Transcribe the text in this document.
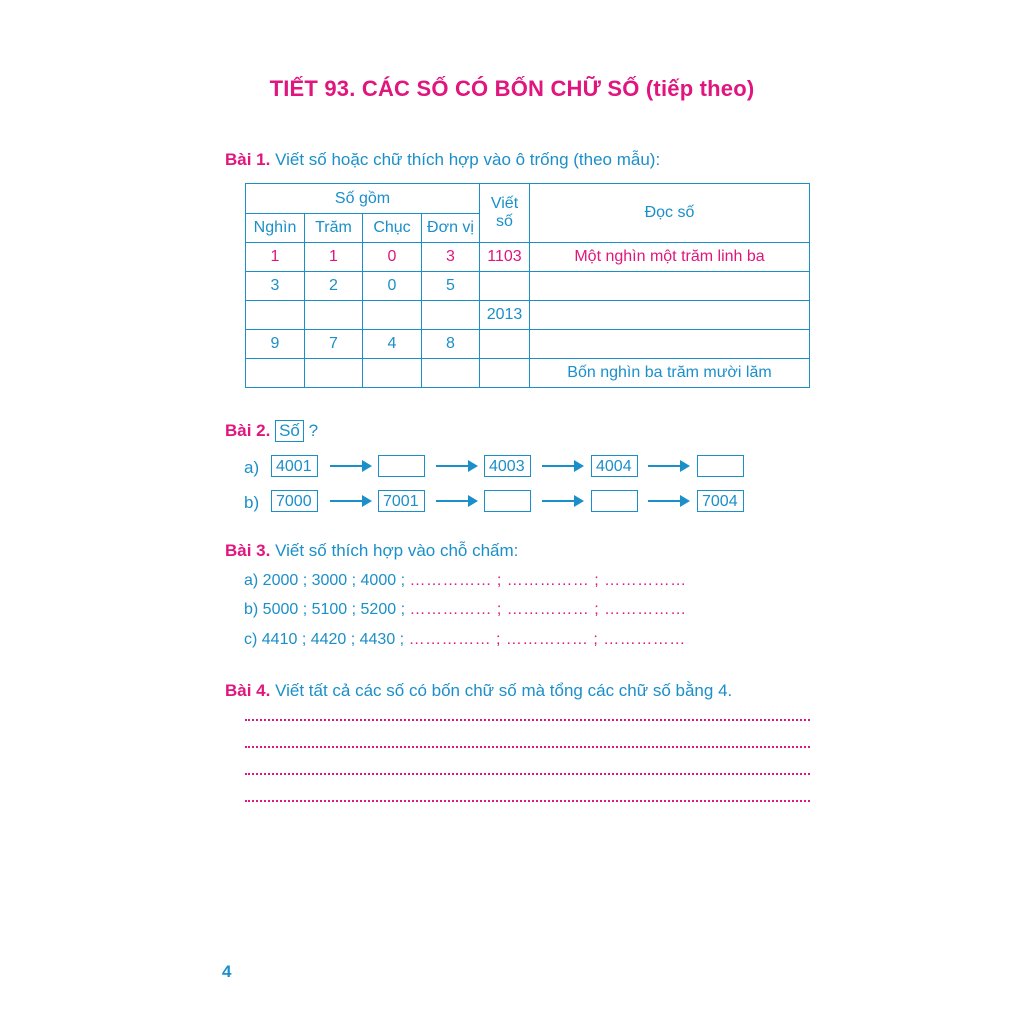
TIẾT 93. CÁC SỐ CÓ BỐN CHỮ SỐ (tiếp theo)
Bài 1. Viết số hoặc chữ thích hợp vào ô trống (theo mẫu):
Số gồm				Viết
số	Đọc số
Nghìn	Trăm	Chục	Đơn vị		
1	1	0	3	1103	Một nghìn một trăm linh ba
3	2	0	5		
				2013	
9	7	4	8		
					Bốn nghìn ba trăm mười lăm
Bài 2. Số ?
a)	4001	4003	4004
b)	7000	7001	7004
Bài 3. Viết số thích hợp vào chỗ chấm:
a) 2000 ; 3000 ; 4000 ; …………… ; …………… ; ……………
b) 5000 ; 5100 ; 5200 ; …………… ; …………… ; ……………
c) 4410 ; 4420 ; 4430 ; …………… ; …………… ; ……………
Bài 4. Viết tất cả các số có bốn chữ số mà tổng các chữ số bằng 4.
4
